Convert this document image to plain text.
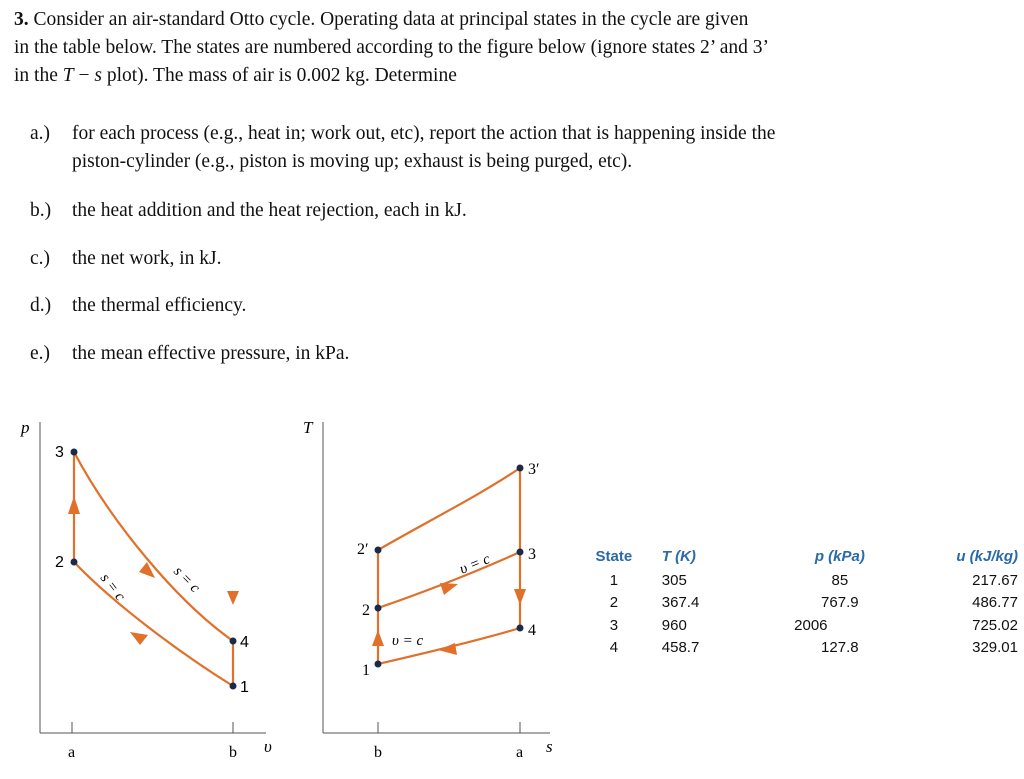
3. Consider an air-standard Otto cycle. Operating data at principal states in the cycle are given
in the table below. The states are numbered according to the figure below (ignore states 2’ and 3’
in the T − s plot). The mass of air is 0.002 kg. Determine
a.) for each process (e.g., heat in; work out, etc), report the action that is happening inside the
piston-cylinder (e.g., piston is moving up; exhaust is being purged, etc).
b.) the heat addition and the heat rejection, each in kJ.
c.) the net work, in kJ.
d.) the thermal efficiency.
e.) the mean effective pressure, in kPa.
p
υ
a	b
3
2
4
1
s = c	s = c
T
s
b	a
1
2
2′	3
3′
4
υ = c
υ = c
State	T (K)	p (kPa)	u (kJ/kg)
1	305	85	217.67
2	367.4	767.9	486.77
3	960	2006	725.02
4	458.7	127.8	329.01
